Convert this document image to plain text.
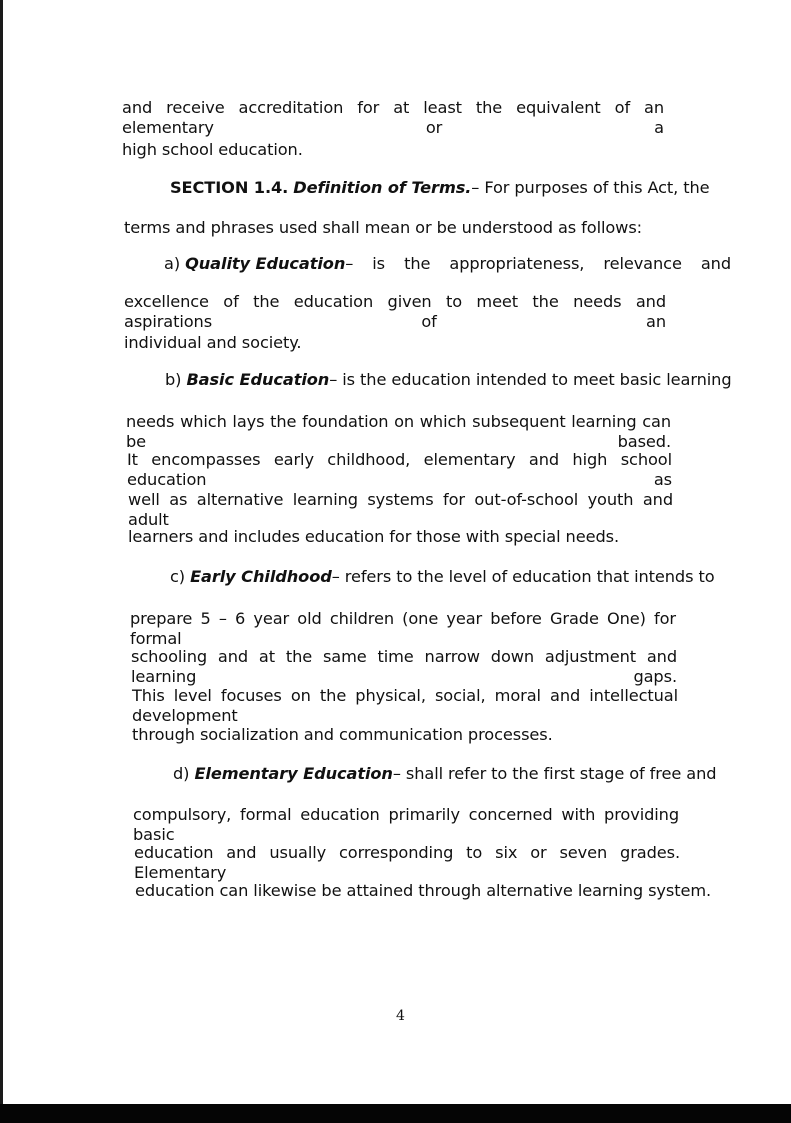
and receive accreditation for at least the equivalent of an elementary or a
high school education.
SECTION 1.4.
Definition of Terms. – For purposes of this Act, the
terms and phrases used shall mean or be understood as follows:
a)
Quality Education – is the appropriateness, relevance and
excellence of the education given to meet the needs and aspirations of an
individual and society.
b)
Basic Education – is the education intended to meet basic learning
needs which lays the foundation on which subsequent learning can be based.
It encompasses early childhood, elementary and high school education as
well as alternative learning systems for out-of-school youth and adult
learners and includes education for those with special needs.
c)
Early Childhood – refers to the level of education that intends to
prepare 5 – 6 year old children (one year before Grade One) for formal
schooling and at the same time narrow down adjustment and learning gaps.
This level focuses on the physical, social, moral and intellectual development
through socialization and communication processes.
d)
Elementary Education – shall refer to the first stage of free and
compulsory, formal education primarily concerned with providing basic
education and usually corresponding to six or seven grades. Elementary
education can likewise be attained through alternative learning system.
4
